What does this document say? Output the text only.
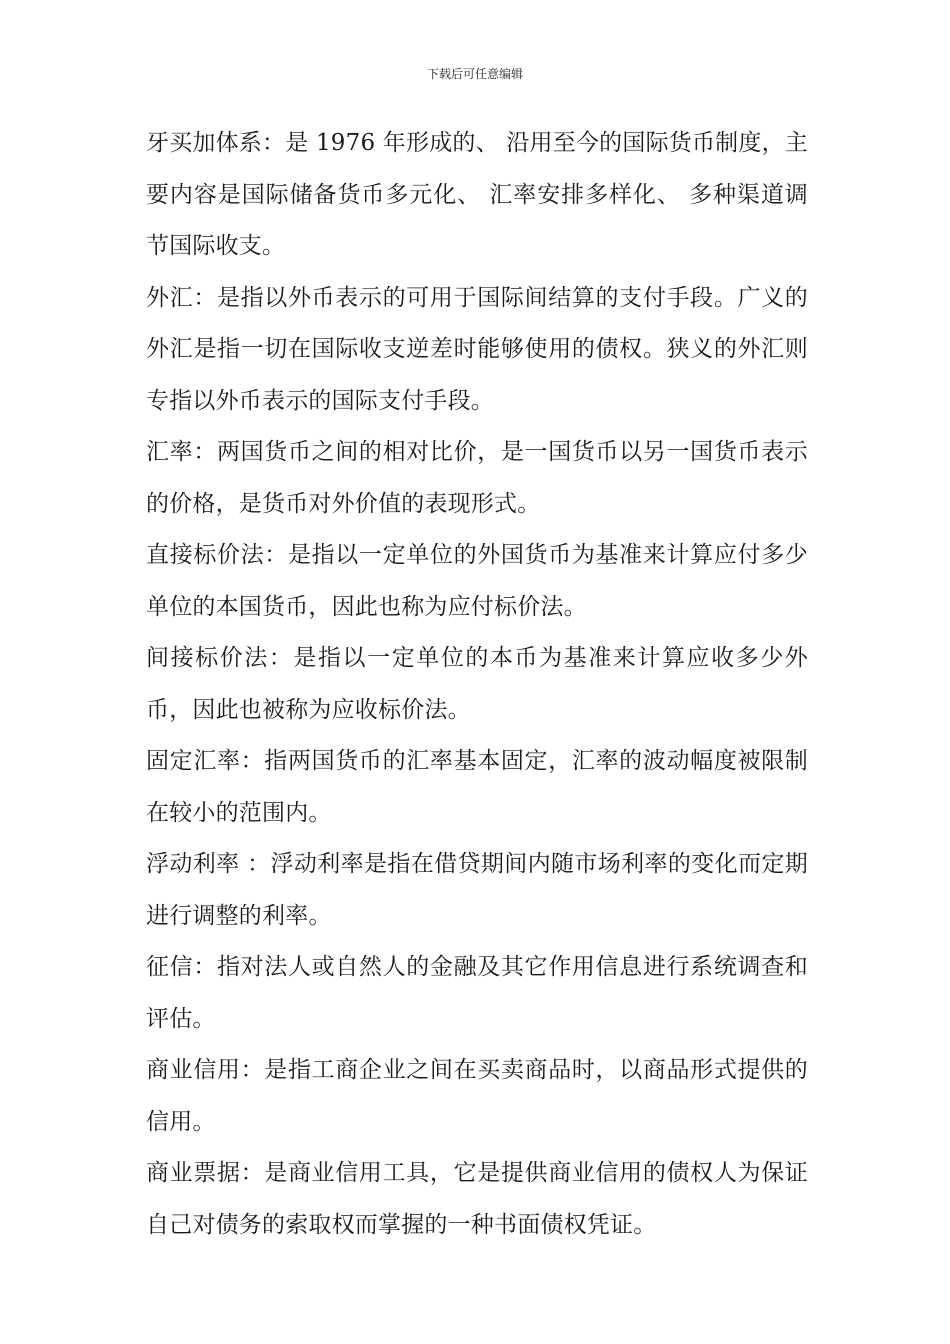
下载后可任意编辑

牙买加体系：是 1976 年形成的、 沿用至今的国际货币制度，主要内容是国际储备货币多元化、 汇率安排多样化、 多种渠道调节国际收支。

外汇：是指以外币表示的可用于国际间结算的支付手段。广义的外汇是指一切在国际收支逆差时能够使用的债权。狭义的外汇则专指以外币表示的国际支付手段。

汇率：两国货币之间的相对比价，是一国货币以另一国货币表示的价格，是货币对外价值的表现形式。

直接标价法：是指以一定单位的外国货币为基准来计算应付多少单位的本国货币，因此也称为应付标价法。

间接标价法：是指以一定单位的本币为基准来计算应收多少外币，因此也被称为应收标价法。

固定汇率：指两国货币的汇率基本固定，汇率的波动幅度被限制在较小的范围内。

浮动利率 ：浮动利率是指在借贷期间内随市场利率的变化而定期进行调整的利率。

征信：指对法人或自然人的金融及其它作用信息进行系统调查和评估。

商业信用：是指工商企业之间在买卖商品时，以商品形式提供的信用。

商业票据：是商业信用工具，它是提供商业信用的债权人为保证自己对债务的索取权而掌握的一种书面债权凭证。
